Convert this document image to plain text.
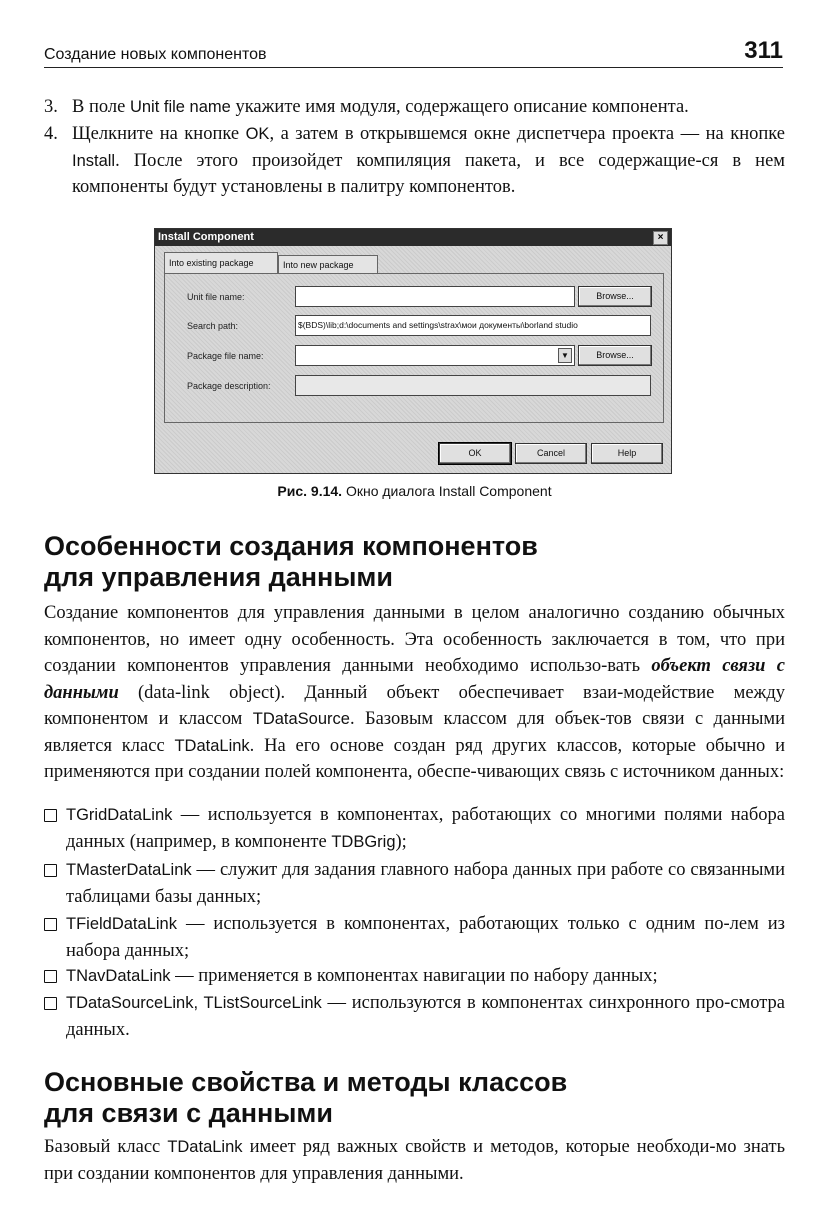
Создание новых компонентов	311
3. В поле Unit file name укажите имя модуля, содержащего описание компонента.
4. Щелкните на кнопке OK, а затем в открывшемся окне диспетчера проекта — на кнопке Install. После этого произойдет компиляция пакета, и все содержащие-ся в нем компоненты будут установлены в палитру компонентов.
Install Component	×
Into existing package	Into new package
Unit file name:	Browse...
Search path:	$(BDS)\lib;d:\documents and settings\strax\мои документы\borland studio
Package file name:	▼	Browse...
Package description:
OK	Cancel	Help
Рис. 9.14. Окно диалога Install Component
Особенности создания компонентов
для управления данными
Создание компонентов для управления данными в целом аналогично созданию обычных компонентов, но имеет одну особенность. Эта особенность заключается в том, что при создании компонентов управления данными необходимо использо-вать объект связи с данными (data-link object). Данный объект обеспечивает взаи-модействие между компонентом и классом TDataSource. Базовым классом для объек-тов связи с данными является класс TDataLink. На его основе создан ряд других классов, которые обычно и применяются при создании полей компонента, обеспе-чивающих связь с источником данных:
TGridDataLink — используется в компонентах, работающих со многими полями набора данных (например, в компоненте TDBGrig);
TMasterDataLink — служит для задания главного набора данных при работе со связанными таблицами базы данных;
TFieldDataLink — используется в компонентах, работающих только с одним по-лем из набора данных;
TNavDataLink — применяется в компонентах навигации по набору данных;
TDataSourceLink, TListSourceLink — используются в компонентах синхронного про-смотра данных.
Основные свойства и методы классов
для связи с данными
Базовый класс TDataLink имеет ряд важных свойств и методов, которые необходи-мо знать при создании компонентов для управления данными.
